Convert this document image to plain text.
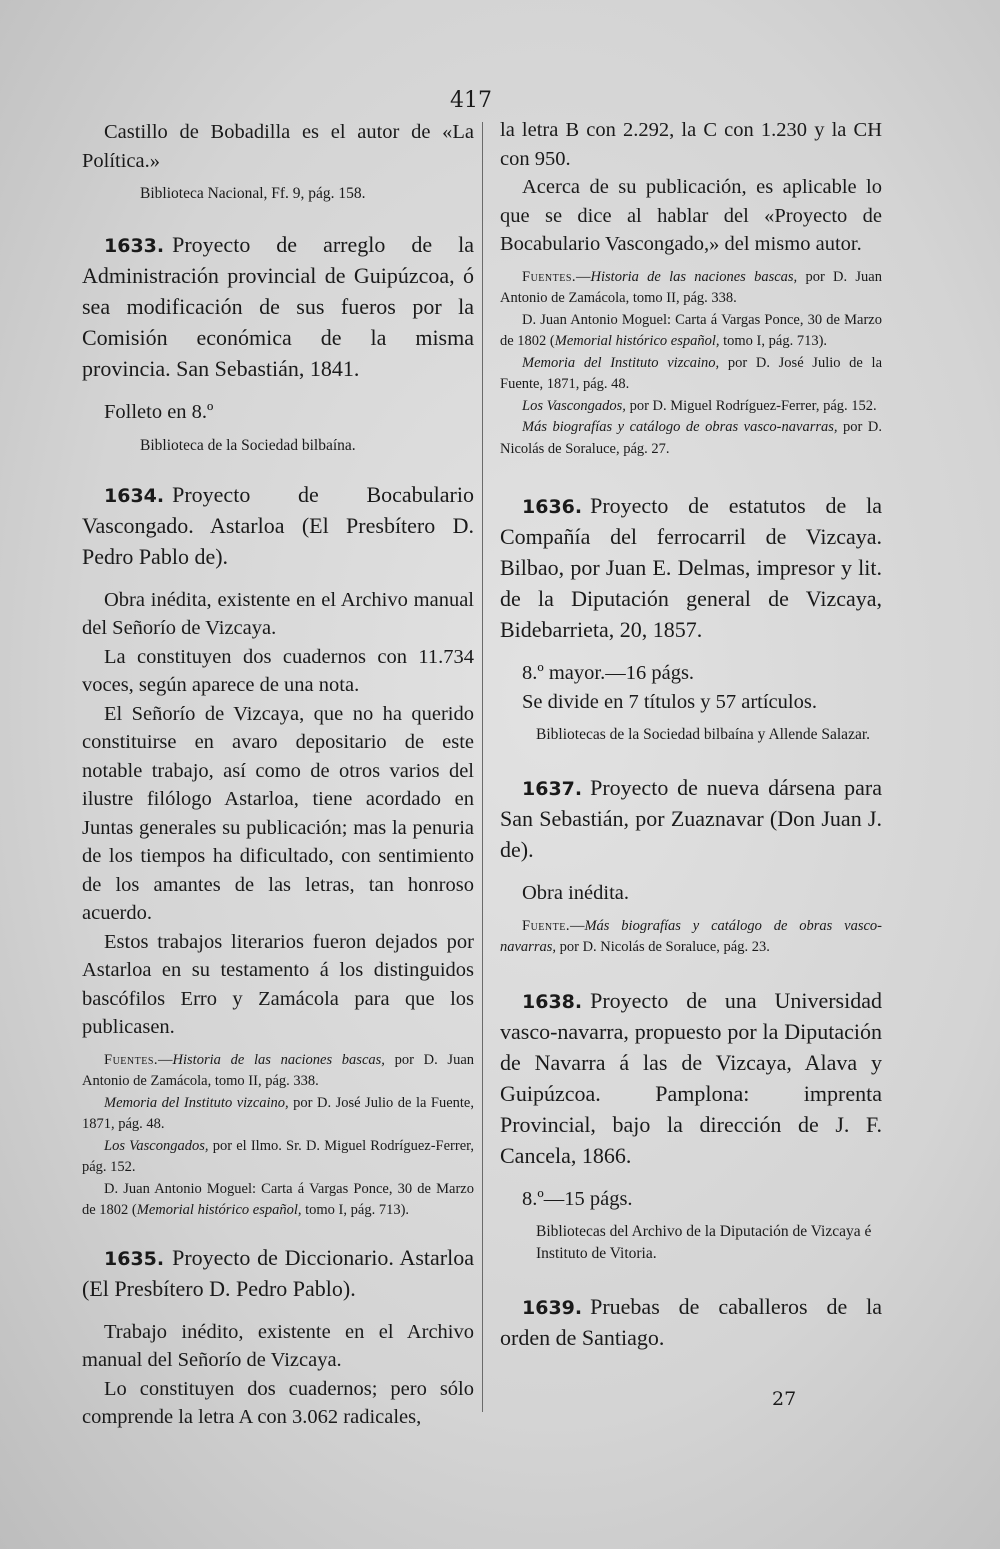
417

Castillo de Bobadilla es el autor de «La Política.»

Biblioteca Nacional, Ff. 9, pág. 158.

1633. Proyecto de arreglo de la Administración provincial de Guipúzcoa, ó sea modificación de sus fueros por la Comisión económica de la misma provincia. San Sebastián, 1841.

Folleto en 8.º

Biblioteca de la Sociedad bilbaína.

1634. Proyecto de Bocabulario Vascongado. Astarloa (El Presbítero D. Pedro Pablo de).

Obra inédita, existente en el Archivo manual del Señorío de Vizcaya.

La constituyen dos cuadernos con 11.734 voces, según aparece de una nota.

El Señorío de Vizcaya, que no ha querido constituirse en avaro depositario de este notable trabajo, así como de otros varios del ilustre filólogo Astarloa, tiene acordado en Juntas generales su publicación; mas la penuria de los tiempos ha dificultado, con sentimiento de los amantes de las letras, tan honroso acuerdo.

Estos trabajos literarios fueron dejados por Astarloa en su testamento á los distinguidos bascófilos Erro y Zamácola para que los publicasen.

Fuentes.—Historia de las naciones bascas, por D. Juan Antonio de Zamácola, tomo II, pág. 338.

Memoria del Instituto vizcaino, por D. José Julio de la Fuente, 1871, pág. 48.

Los Vascongados, por el Ilmo. Sr. D. Miguel Rodríguez-Ferrer, pág. 152.

D. Juan Antonio Moguel: Carta á Vargas Ponce, 30 de Marzo de 1802 (Memorial histórico español, tomo I, pág. 713).

1635. Proyecto de Diccionario. Astarloa (El Presbítero D. Pedro Pablo).

Trabajo inédito, existente en el Archivo manual del Señorío de Vizcaya.

Lo constituyen dos cuadernos; pero sólo comprende la letra A con 3.062 radicales,

la letra B con 2.292, la C con 1.230 y la CH con 950.

Acerca de su publicación, es aplicable lo que se dice al hablar del «Proyecto de Bocabulario Vascongado,» del mismo autor.

Fuentes.—Historia de las naciones bascas, por D. Juan Antonio de Zamácola, tomo II, pág. 338.

D. Juan Antonio Moguel: Carta á Vargas Ponce, 30 de Marzo de 1802 (Memorial histórico español, tomo I, pág. 713).

Memoria del Instituto vizcaino, por D. José Julio de la Fuente, 1871, pág. 48.

Los Vascongados, por D. Miguel Rodríguez-Ferrer, pág. 152.

Más biografías y catálogo de obras vasco-navarras, por D. Nicolás de Soraluce, pág. 27.

1636. Proyecto de estatutos de la Compañía del ferrocarril de Vizcaya. Bilbao, por Juan E. Delmas, impresor y lit. de la Diputación general de Vizcaya, Bidebarrieta, 20, 1857.

8.º mayor.—16 págs.

Se divide en 7 títulos y 57 artículos.

Bibliotecas de la Sociedad bilbaína y Allende Salazar.

1637. Proyecto de nueva dársena para San Sebastián, por Zuaznavar (Don Juan J. de).

Obra inédita.

Fuente.—Más biografías y catálogo de obras vasco-navarras, por D. Nicolás de Soraluce, pág. 23.

1638. Proyecto de una Universidad vasco-navarra, propuesto por la Diputación de Navarra á las de Vizcaya, Alava y Guipúzcoa. Pamplona: imprenta Provincial, bajo la dirección de J. F. Cancela, 1866.

8.º—15 págs.

Bibliotecas del Archivo de la Diputación de Vizcaya é Instituto de Vitoria.

1639. Pruebas de caballeros de la orden de Santiago.

27
